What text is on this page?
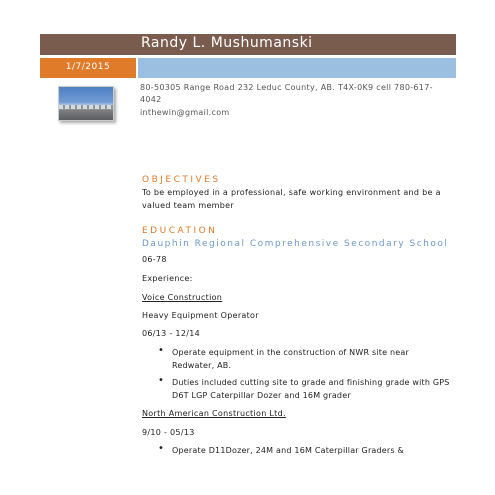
Randy L. Mushumanski
1/7/2015
80-50305 Range Road 232 Leduc County, AB. T4X-0K9 cell 780-617-4042
inthewin@gmail.com
OBJECTIVES
To be employed in a professional, safe working environment and be a valued team member
EDUCATION
Dauphin Regional Comprehensive Secondary School
06-78
Experience:
Voice Construction
Heavy Equipment Operator
06/13 - 12/14
• Operate equipment in the construction of NWR site near Redwater, AB.
• Duties included cutting site to grade and finishing grade with GPS D6T LGP Caterpillar Dozer and 16M grader
North American Construction Ltd.
9/10 - 05/13
• Operate D11Dozer, 24M and 16M Caterpillar Graders &
